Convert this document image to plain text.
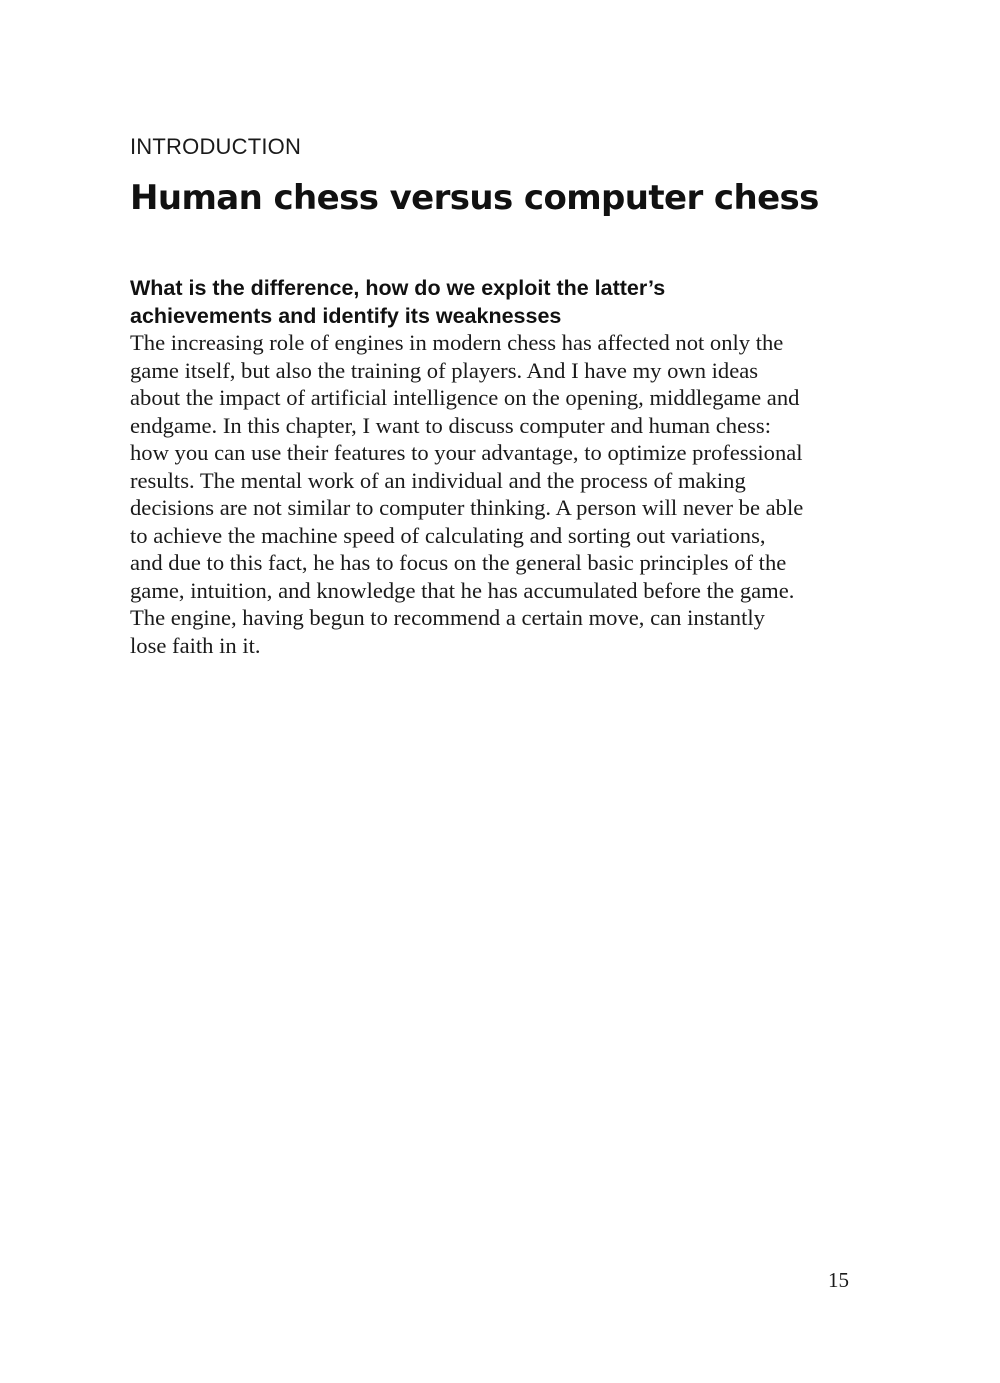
INTRODUCTION

Human chess versus computer chess
What is the difference, how do we exploit the latter’s
achievements and identify its weaknesses

The increasing role of engines in modern chess has affected not only the
game itself, but also the training of players. And I have my own ideas
about the impact of artificial intelligence on the opening, middlegame and
endgame. In this chapter, I want to discuss computer and human chess:
how you can use their features to your advantage, to optimize professional
results. The mental work of an individual and the process of making
decisions are not similar to computer thinking. A person will never be able
to achieve the machine speed of calculating and sorting out variations,
and due to this fact, he has to focus on the general basic principles of the
game, intuition, and knowledge that he has accumulated before the game.
The engine, having begun to recommend a certain move, can instantly
lose faith in it.

15
